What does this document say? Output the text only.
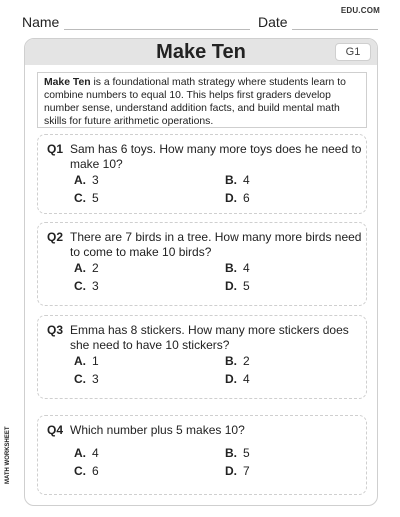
Name	Date
EDU.COM
Make Ten	G1
Make Ten is a foundational math strategy where students learn to combine numbers to equal 10. This helps first graders develop number sense, understand addition facts, and build mental math skills for future arithmetic operations.
Q1 Sam has 6 toys. How many more toys does he need to make 10?
A. 3	B. 4
C. 5	D. 6
Q2 There are 7 birds in a tree. How many more birds need to come to make 10 birds?
A. 2	B. 4
C. 3	D. 5
Q3 Emma has 8 stickers. How many more stickers does she need to have 10 stickers?
A. 1	B. 2
C. 3	D. 4
Q4 Which number plus 5 makes 10?
A. 4	B. 5
C. 6	D. 7
MATH WORKSHEET
